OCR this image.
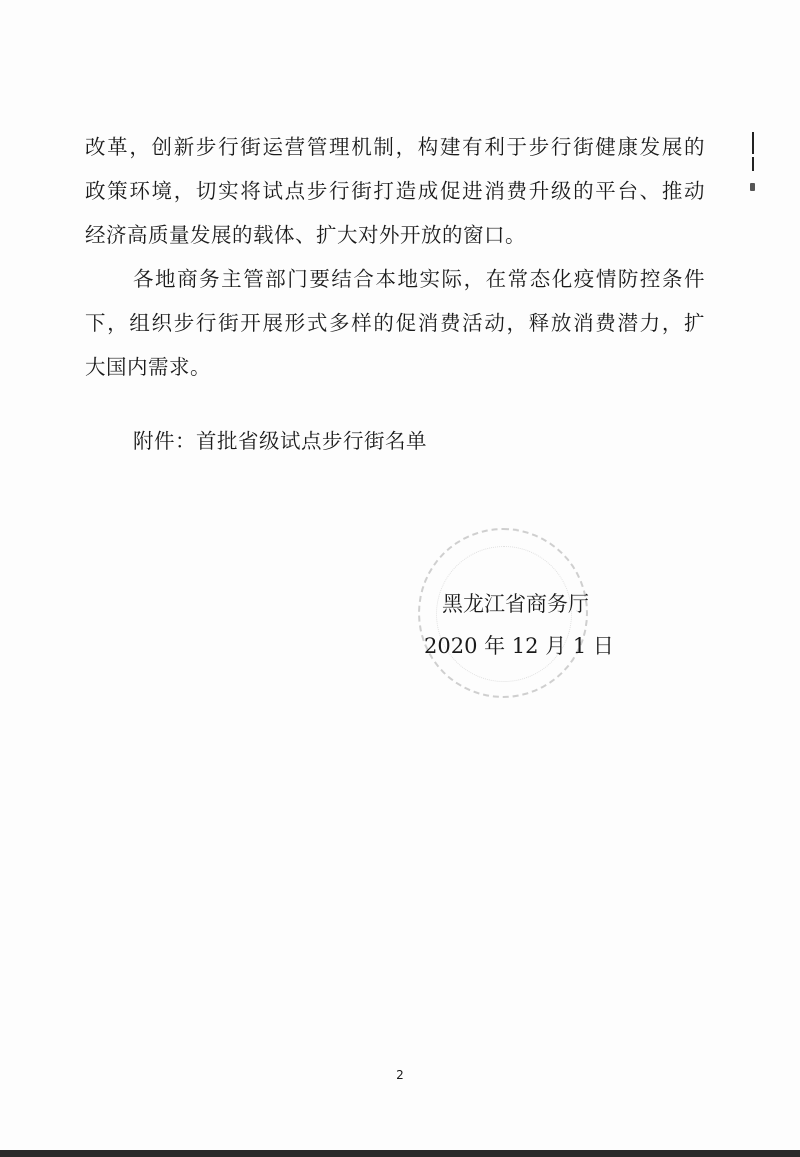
改革，创新步行街运营管理机制，构建有利于步行街健康发展的
政策环境，切实将试点步行街打造成促进消费升级的平台、推动
经济高质量发展的载体、扩大对外开放的窗口。
各地商务主管部门要结合本地实际，在常态化疫情防控条件
下，组织步行街开展形式多样的促消费活动，释放消费潜力，扩
大国内需求。
附件：首批省级试点步行街名单
黑龙江省商务厅
2020 年 12 月 1 日
2
